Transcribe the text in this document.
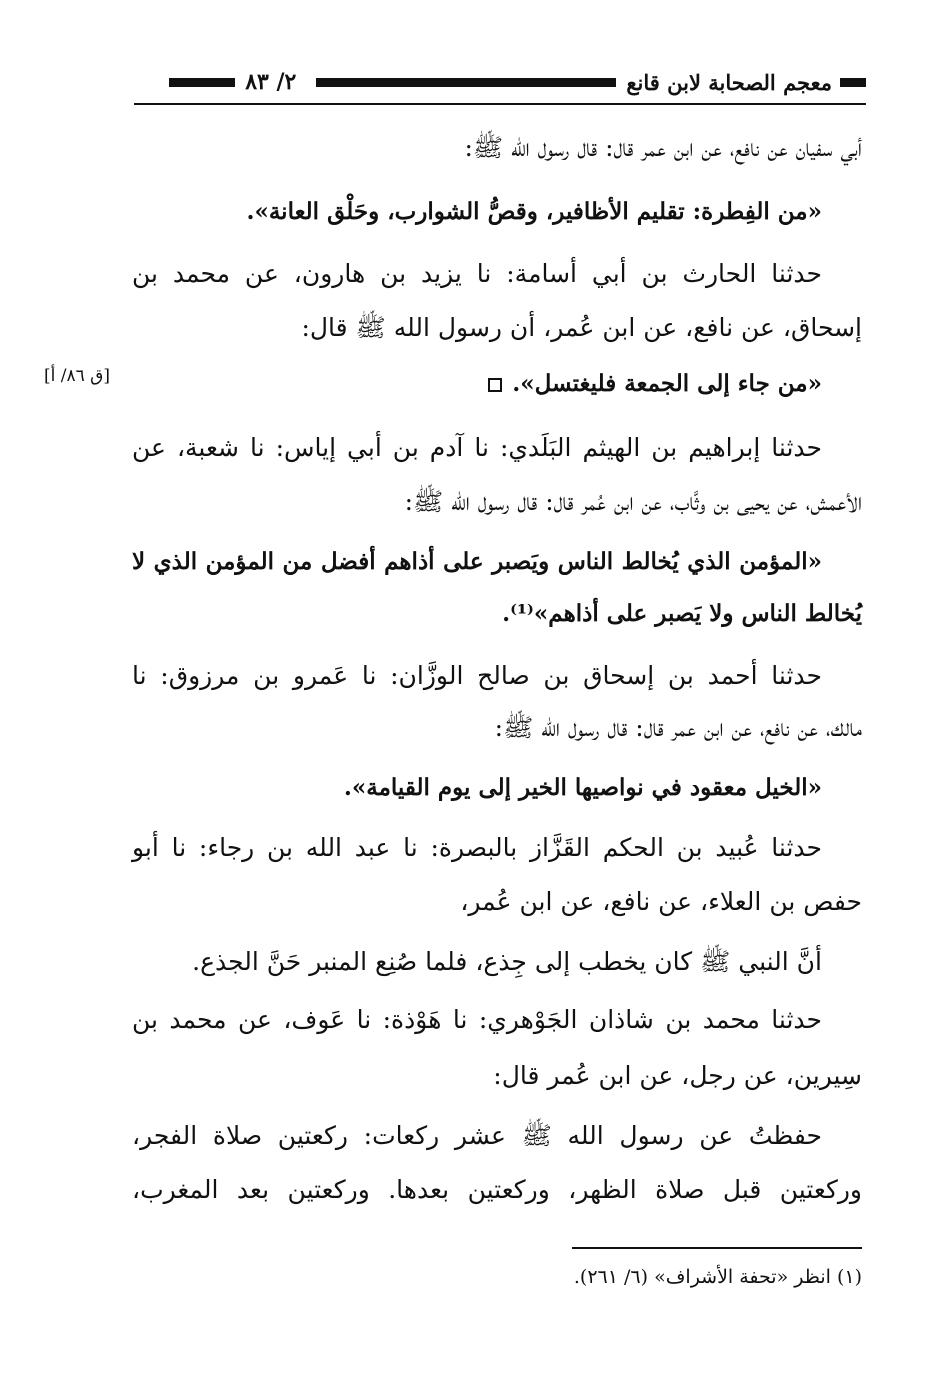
معجم الصحابة لابن قانع
٢/ ٨٣
أبي سفيان عن نافع، عن ابن عمر قال: قال رسول الله ﷺ:
«من الفِطرة: تقليم الأظافير، وقصُّ الشوارب، وحَلْق العانة».
حدثنا الحارث بن أبي أسامة: نا يزيد بن هارون، عن محمد بن
إسحاق، عن نافع، عن ابن عُمر، أن رسول الله ﷺ قال:
«من جاء إلى الجمعة فليغتسل».
[ق ٨٦/ أ]
حدثنا إبراهيم بن الهيثم البَلَدي: نا آدم بن أبي إياس: نا شعبة، عن
الأعمش، عن يحيى بن وثَّاب، عن ابن عُمر قال: قال رسول الله ﷺ:
«المؤمن الذي يُخالط الناس ويَصبر على أذاهم أفضل من المؤمن الذي لا
يُخالط الناس ولا يَصبر على أذاهم»⁽¹⁾.
حدثنا أحمد بن إسحاق بن صالح الوزَّان: نا عَمرو بن مرزوق: نا
مالك، عن نافع، عن ابن عمر قال: قال رسول الله ﷺ:
«الخيل معقود في نواصيها الخير إلى يوم القيامة».
حدثنا عُبيد بن الحكم القَزَّاز بالبصرة: نا عبد الله بن رجاء: نا أبو
حفص بن العلاء، عن نافع، عن ابن عُمر،
أنَّ النبي ﷺ كان يخطب إلى جِذع، فلما صُنِع المنبر حَنَّ الجذع.
حدثنا محمد بن شاذان الجَوْهري: نا هَوْذة: نا عَوف، عن محمد بن
سِيرين، عن رجل، عن ابن عُمر قال:
حفظتُ عن رسول الله ﷺ عشر ركعات: ركعتين صلاة الفجر،
وركعتين قبل صلاة الظهر، وركعتين بعدها. وركعتين بعد المغرب،
(١) انظر «تحفة الأشراف» (٦/ ٢٦١).
